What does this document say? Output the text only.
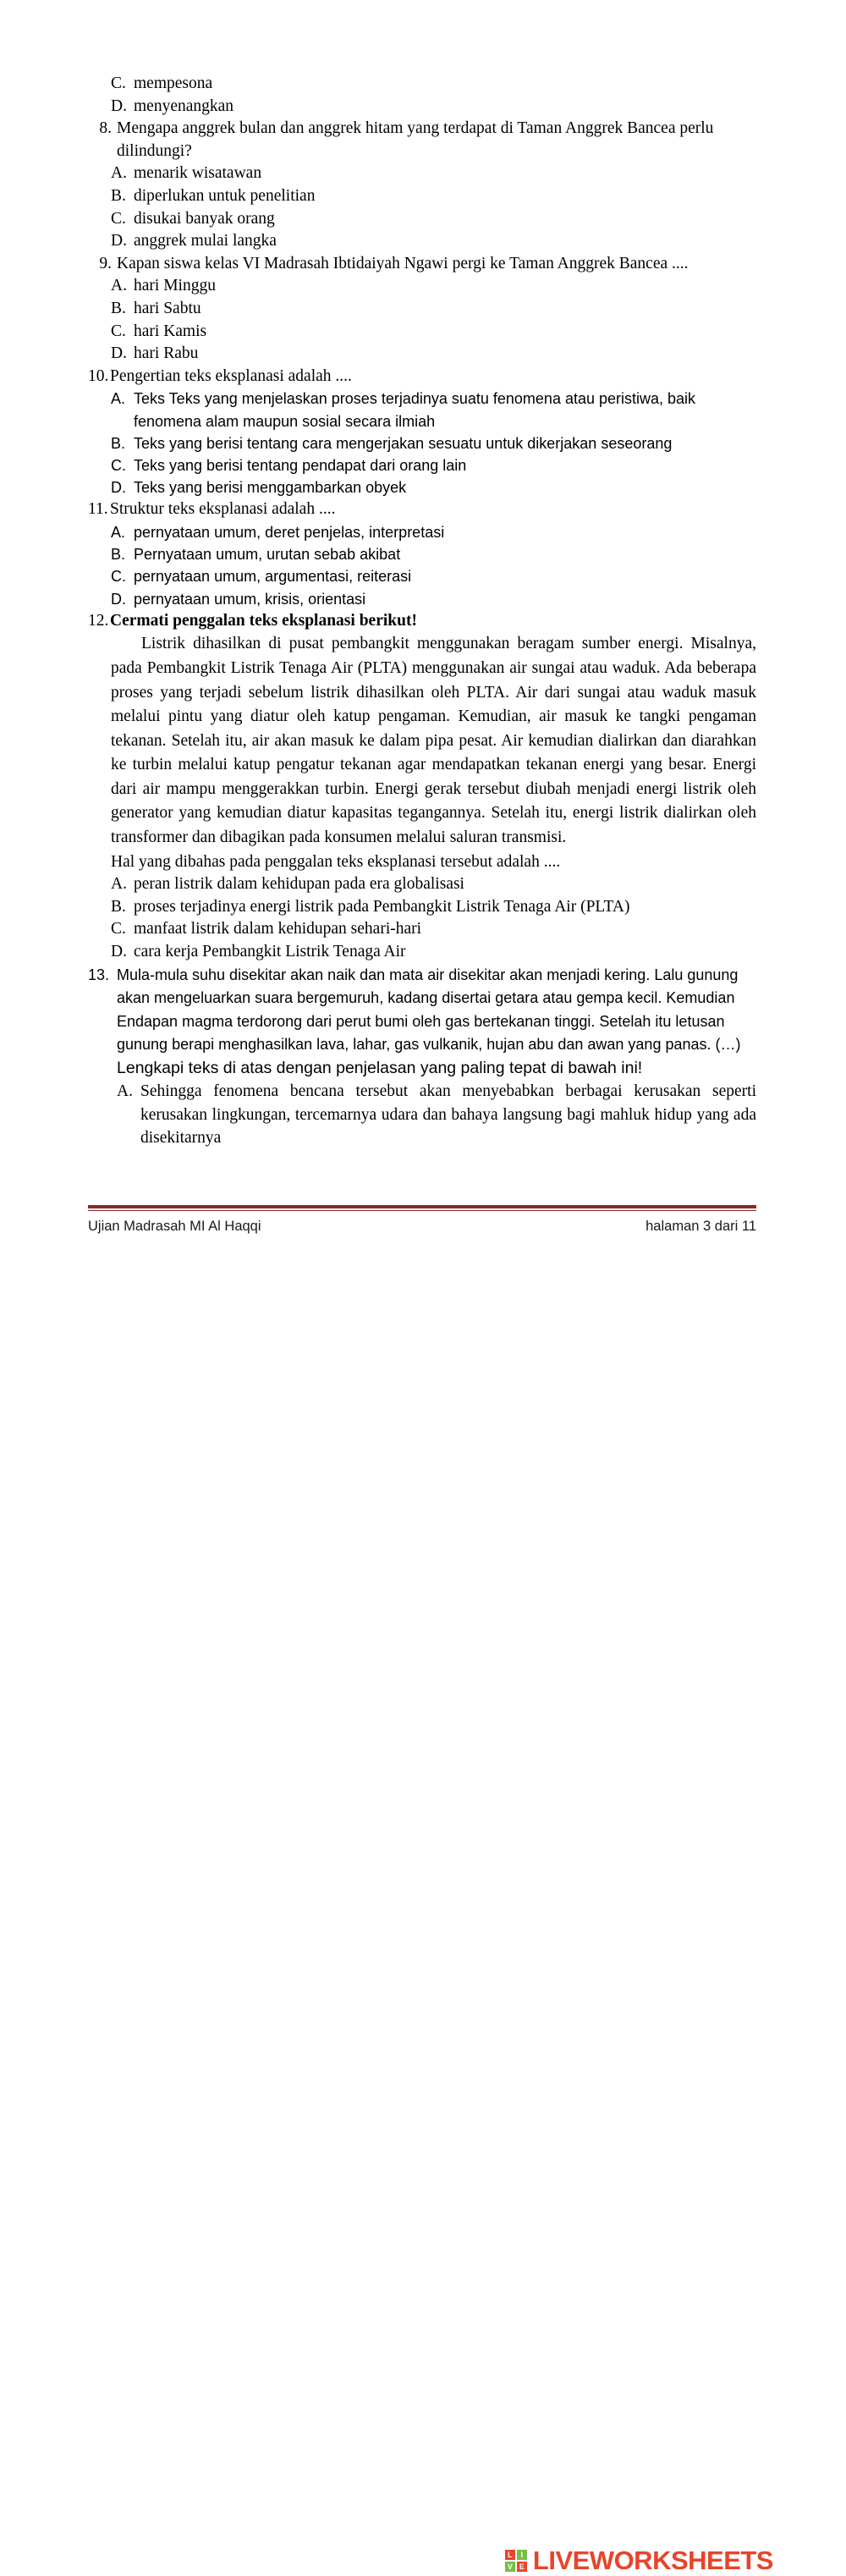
C. mempesona
D. menyenangkan
8. Mengapa anggrek bulan dan anggrek hitam yang terdapat di Taman Anggrek Bancea perlu dilindungi?
A. menarik wisatawan
B. diperlukan untuk penelitian
C. disukai banyak orang
D. anggrek mulai langka
9. Kapan siswa kelas VI Madrasah Ibtidaiyah Ngawi pergi ke Taman Anggrek Bancea ....
A. hari Minggu
B. hari Sabtu
C. hari Kamis
D. hari Rabu
10. Pengertian teks eksplanasi adalah ....
A. Teks Teks yang menjelaskan proses terjadinya suatu fenomena atau peristiwa, baik fenomena alam maupun sosial secara ilmiah
B. Teks yang berisi tentang cara mengerjakan sesuatu untuk dikerjakan seseorang
C. Teks yang berisi tentang pendapat dari orang lain
D. Teks yang berisi menggambarkan obyek
11. Struktur teks eksplanasi adalah ....
A. pernyataan umum, deret penjelas, interpretasi
B. Pernyataan umum, urutan sebab akibat
C. pernyataan umum, argumentasi, reiterasi
D. pernyataan umum, krisis, orientasi
12. Cermati penggalan teks eksplanasi berikut!
Listrik dihasilkan di pusat pembangkit menggunakan beragam sumber energi. Misalnya, pada Pembangkit Listrik Tenaga Air (PLTA) menggunakan air sungai atau waduk. Ada beberapa proses yang terjadi sebelum listrik dihasilkan oleh PLTA. Air dari sungai atau waduk masuk melalui pintu yang diatur oleh katup pengaman. Kemudian, air masuk ke tangki pengaman tekanan. Setelah itu, air akan masuk ke dalam pipa pesat. Air kemudian dialirkan dan diarahkan ke turbin melalui katup pengatur tekanan agar mendapatkan tekanan energi yang besar. Energi dari air mampu menggerakkan turbin. Energi gerak tersebut diubah menjadi energi listrik oleh generator yang kemudian diatur kapasitas tegangannya. Setelah itu, energi listrik dialirkan oleh transformer dan dibagikan pada konsumen melalui saluran transmisi.
Hal yang dibahas pada penggalan teks eksplanasi tersebut adalah ....
A. peran listrik dalam kehidupan pada era globalisasi
B. proses terjadinya energi listrik pada Pembangkit Listrik Tenaga Air (PLTA)
C. manfaat listrik dalam kehidupan sehari-hari
D. cara kerja Pembangkit Listrik Tenaga Air
13. Mula-mula suhu disekitar akan naik dan mata air disekitar akan menjadi kering. Lalu gunung akan mengeluarkan suara bergemuruh, kadang disertai getara atau gempa kecil. Kemudian Endapan magma terdorong dari perut bumi oleh gas bertekanan tinggi. Setelah itu letusan gunung berapi menghasilkan lava, lahar, gas vulkanik, hujan abu dan awan yang panas. (…)
Lengkapi teks di atas dengan penjelasan yang paling tepat di bawah ini!
A. Sehingga fenomena bencana tersebut akan menyebabkan berbagai kerusakan seperti kerusakan lingkungan, tercemarnya udara dan bahaya langsung bagi mahluk hidup yang ada disekitarnya
Ujian Madrasah MI Al Haqqi	halaman 3 dari 11
L	I
V E LIVEWORKSHEETS
